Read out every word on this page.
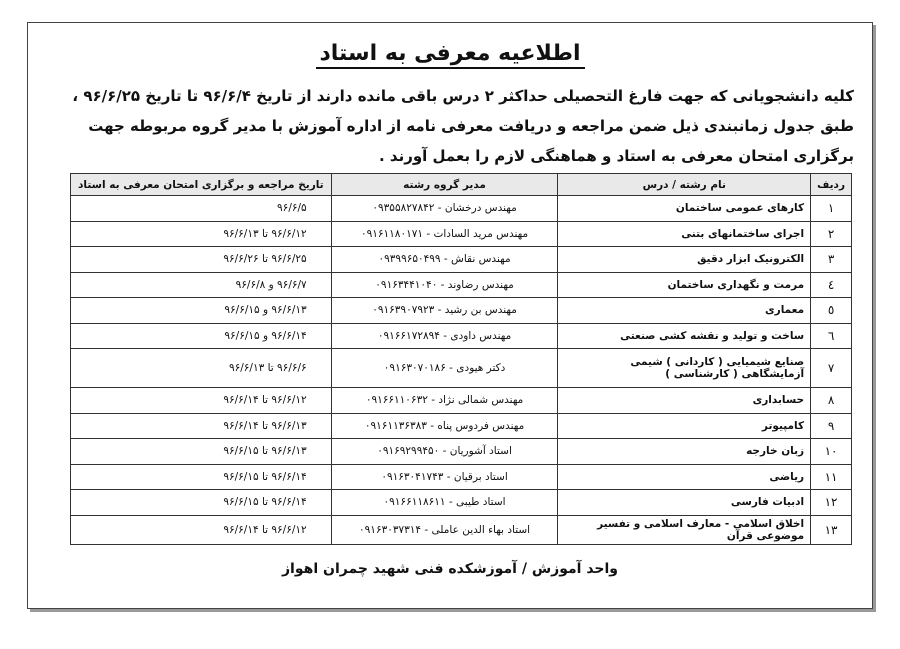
اطلاعیه معرفی به استاد
کلیه دانشجویانی که جهت فارغ التحصیلی حداکثر ۲ درس باقی مانده دارند از تاریخ ۹۶/۶/۴ تا تاریخ ۹۶/۶/۲۵ ، طبق جدول زمانبندی ذیل ضمن مراجعه و دریافت معرفی نامه از اداره آموزش با مدیر گروه مربوطه جهت برگزاری امتحان معرفی به استاد و هماهنگی لازم را بعمل آورند .
ردیف	نام رشته / درس	مدیر گروه رشته	تاریخ مراجعه و برگزاری امتحان معرفی به استاد
۱	کارهای عمومی ساختمان	مهندس درخشان - ۰۹۳۵۵۸۲۷۸۴۲	۹۶/۶/۵
۲	اجرای ساختمانهای بتنی	مهندس مرید السادات - ۰۹۱۶۱۱۸۰۱۷۱	۹۶/۶/۱۲ تا ۹۶/۶/۱۳
۳	الکترونیک ابزار دقیق	مهندس نقاش - ۰۹۳۹۹۶۵۰۴۹۹	۹۶/۶/۲۵ تا ۹۶/۶/۲۶
٤	مرمت و نگهداری ساختمان	مهندس رضاوند - ۰۹۱۶۳۴۴۱۰۴۰	۹۶/۶/۷ و ۹۶/۶/۸
٥	معماری	مهندس بن رشید - ۰۹۱۶۳۹۰۷۹۲۳	۹۶/۶/۱۳ و ۹۶/۶/۱۵
٦	ساخت و تولید و نقشه کشی صنعتی	مهندس داودی - ۰۹۱۶۶۱۷۲۸۹۴	۹۶/۶/۱۴ و ۹۶/۶/۱۵
۷	صنایع شیمیایی ( کاردانی ) شیمی آزمایشگاهی ( کارشناسی )	دکتر هیودی - ۰۹۱۶۳۰۷۰۱۸۶	۹۶/۶/۶ تا ۹۶/۶/۱۳
۸	حسابداری	مهندس شمالی نژاد - ۰۹۱۶۶۱۱۰۶۳۲	۹۶/۶/۱۲ تا ۹۶/۶/۱۴
۹	کامپیوتر	مهندس فردوس پناه - ۰۹۱۶۱۱۳۶۳۸۳	۹۶/۶/۱۳ تا ۹۶/۶/۱۴
۱۰	زبان خارجه	استاد آشوریان - ۰۹۱۶۹۲۹۹۴۵۰	۹۶/۶/۱۳ تا ۹۶/۶/۱۵
۱۱	ریاضی	استاد برقیان - ۰۹۱۶۳۰۴۱۷۴۳	۹۶/۶/۱۴ تا ۹۶/۶/۱۵
۱۲	ادبیات فارسی	استاد طیبی - ۰۹۱۶۶۱۱۸۶۱۱	۹۶/۶/۱۴ تا ۹۶/۶/۱۵
۱۳	اخلاق اسلامی - معارف اسلامی و تفسیر موضوعی قرآن	استاد بهاء الدین عاملی - ۰۹۱۶۳۰۳۷۳۱۴	۹۶/۶/۱۲ تا ۹۶/۶/۱۴
واحد آموزش / آموزشکده فنی شهید چمران اهواز
